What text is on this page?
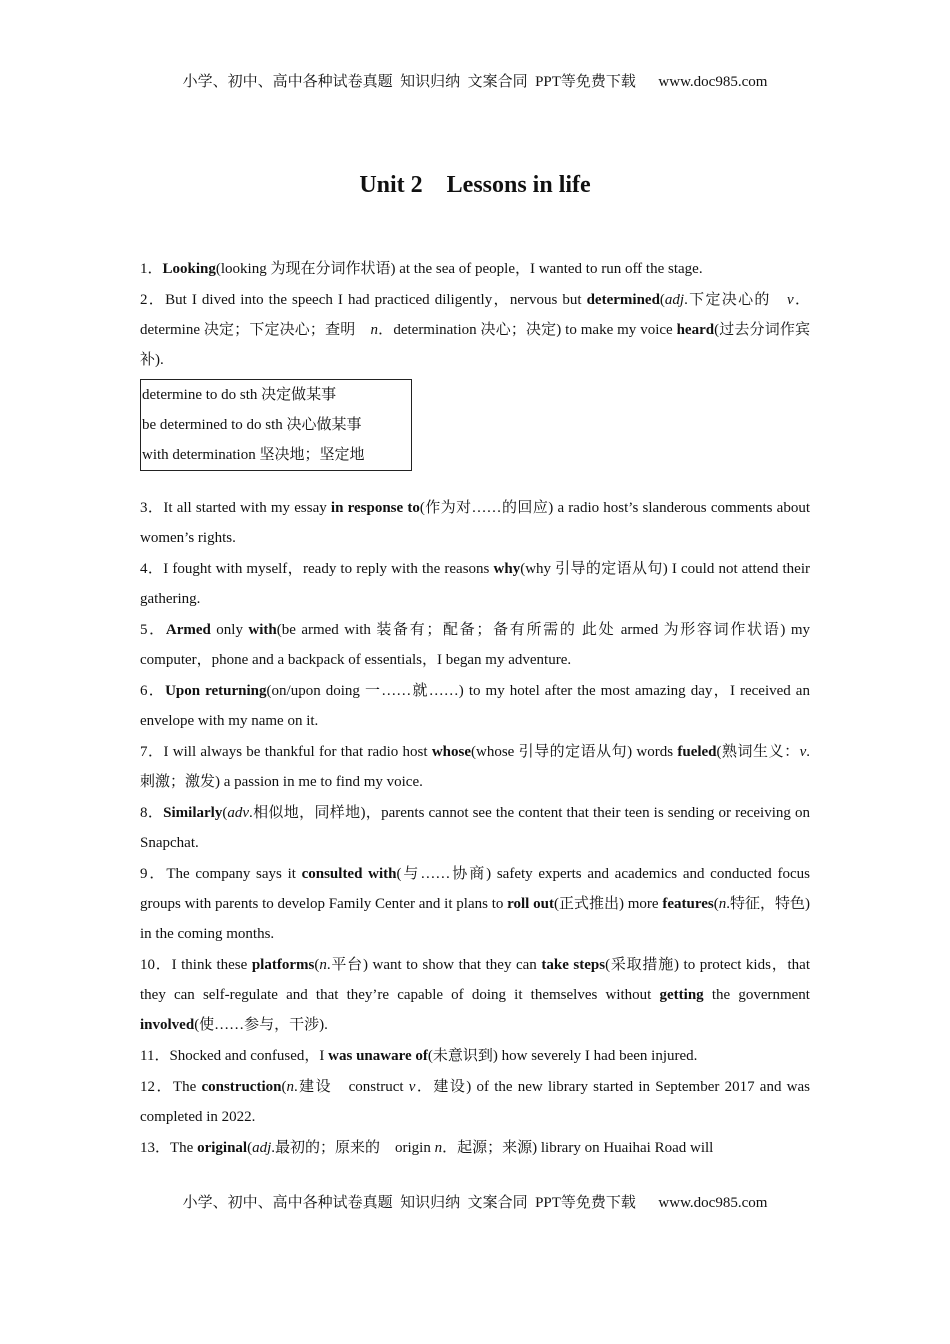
小学、初中、高中各种试卷真题  知识归纳  文案合同  PPT等免费下载      www.doc985.com
Unit 2    Lessons in life

1．Looking(looking 为现在分词作状语) at the sea of people，I wanted to run off the stage.

2．But I dived into the speech I had practiced diligently，nervous but determined(adj.下定决心的　v．determine 决定；下定决心；查明　n．determination 决心；决定) to make my voice heard(过去分词作宾补).

determine to do sth 决定做某事
be determined to do sth 决心做某事
with determination 坚决地；坚定地

3．It all started with my essay in response to(作为对……的回应) a radio host’s slanderous comments about women’s rights.

4．I fought with myself，ready to reply with the reasons why(why 引导的定语从句) I could not attend their gathering.

5．Armed only with(be armed with 装备有；配备；备有所需的 此处 armed 为形容词作状语) my computer，phone and a backpack of essentials，I began my adventure.

6．Upon returning(on/upon doing 一……就……) to my hotel after the most amazing day，I received an envelope with my name on it.

7．I will always be thankful for that radio host whose(whose 引导的定语从句) words fueled(熟词生义：v.刺激；激发) a passion in me to find my voice.

8．Similarly(adv.相似地，同样地)，parents cannot see the content that their teen is sending or receiving on Snapchat.

9．The company says it consulted with(与……协商) safety experts and academics and conducted focus groups with parents to develop Family Center and it plans to roll out(正式推出) more features(n.特征，特色) in the coming months.

10．I think these platforms(n.平台) want to show that they can take steps(采取措施) to protect kids，that they can self-regulate and that they’re capable of doing it themselves without getting the government involved(使……参与，干涉).

11．Shocked and confused，I was unaware of(未意识到) how severely I had been injured.

12．The construction(n.建设　construct v．建设) of the new library started in September 2017 and was completed in 2022.

13．The original(adj.最初的；原来的　origin n．起源；来源) library on Huaihai Road will

小学、初中、高中各种试卷真题  知识归纳  文案合同  PPT等免费下载      www.doc985.com
